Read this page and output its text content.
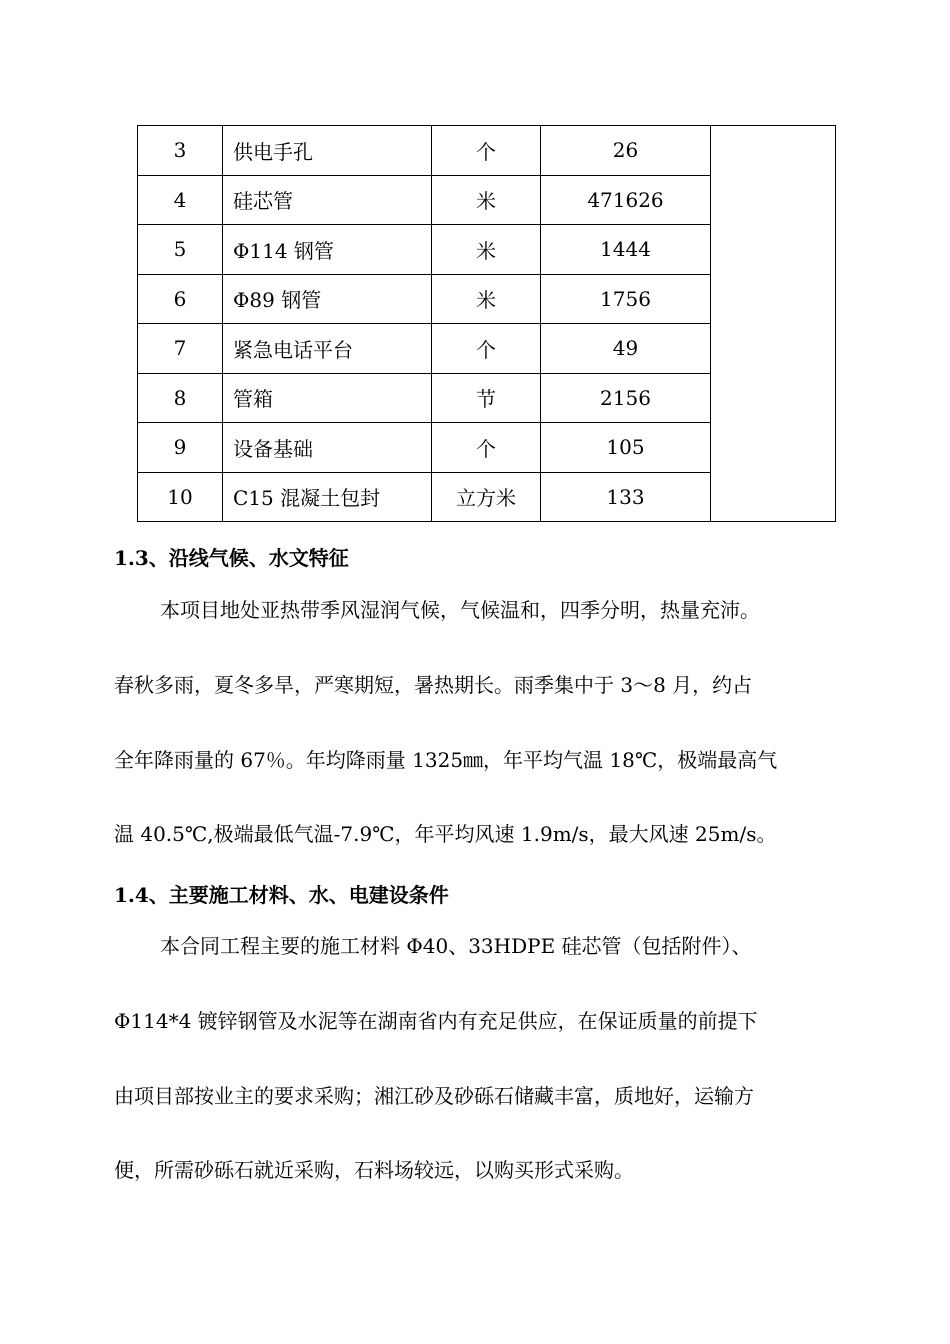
3	供电手孔	个	26	
4	硅芯管	米	471626	
5	Φ114 钢管	米	1444	
6	Φ89 钢管	米	1756	
7	紧急电话平台	个	49	
8	管箱	节	2156	
9	设备基础	个	105	
10	C15 混凝土包封	立方米	133	
1.3、沿线气候、水文特征
本项目地处亚热带季风湿润气候，气候温和，四季分明，热量充沛。
春秋多雨，夏冬多旱，严寒期短，暑热期长。雨季集中于 3～8 月，约占
全年降雨量的 67％。年均降雨量 1325㎜，年平均气温 18℃，极端最高气
温 40.5℃,极端最低气温-7.9℃，年平均风速 1.9m/s，最大风速 25m/s。
1.4、主要施工材料、水、电建设条件
本合同工程主要的施工材料 Φ40、33HDPE 硅芯管（包括附件）、
Φ114*4 镀锌钢管及水泥等在湖南省内有充足供应，在保证质量的前提下
由项目部按业主的要求采购；湘江砂及砂砾石储藏丰富，质地好，运输方
便，所需砂砾石就近采购，石料场较远，以购买形式采购。
